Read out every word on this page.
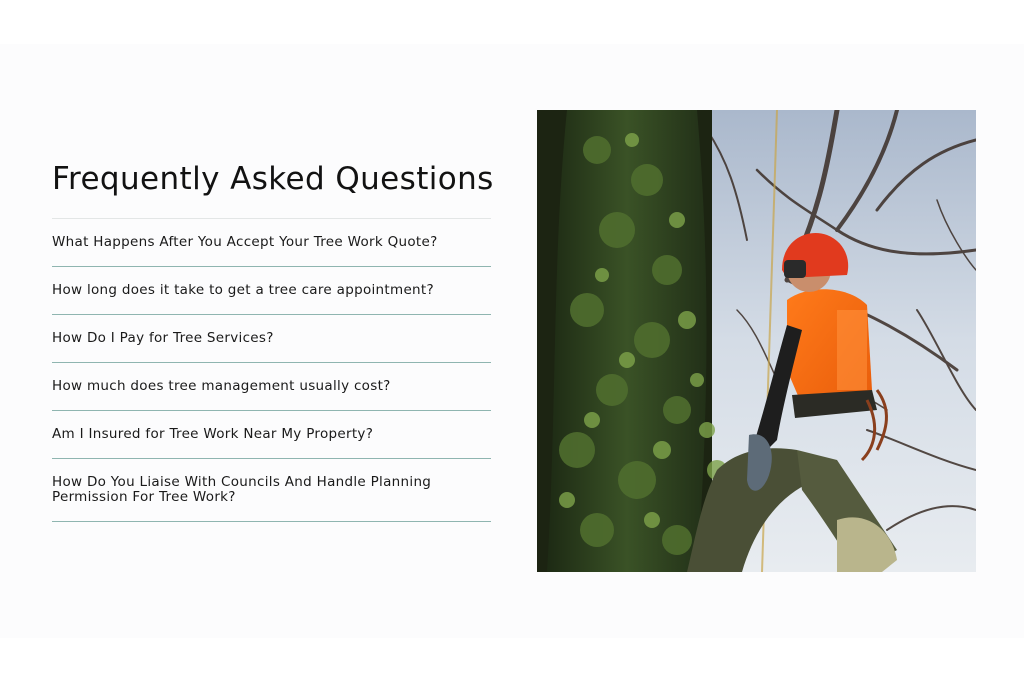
Frequently Asked Questions
What Happens After You Accept Your Tree Work Quote?
How long does it take to get a tree care appointment?
How Do I Pay for Tree Services?
How much does tree management usually cost?
Am I Insured for Tree Work Near My Property?
How Do You Liaise With Councils And Handle Planning Permission For Tree Work?
